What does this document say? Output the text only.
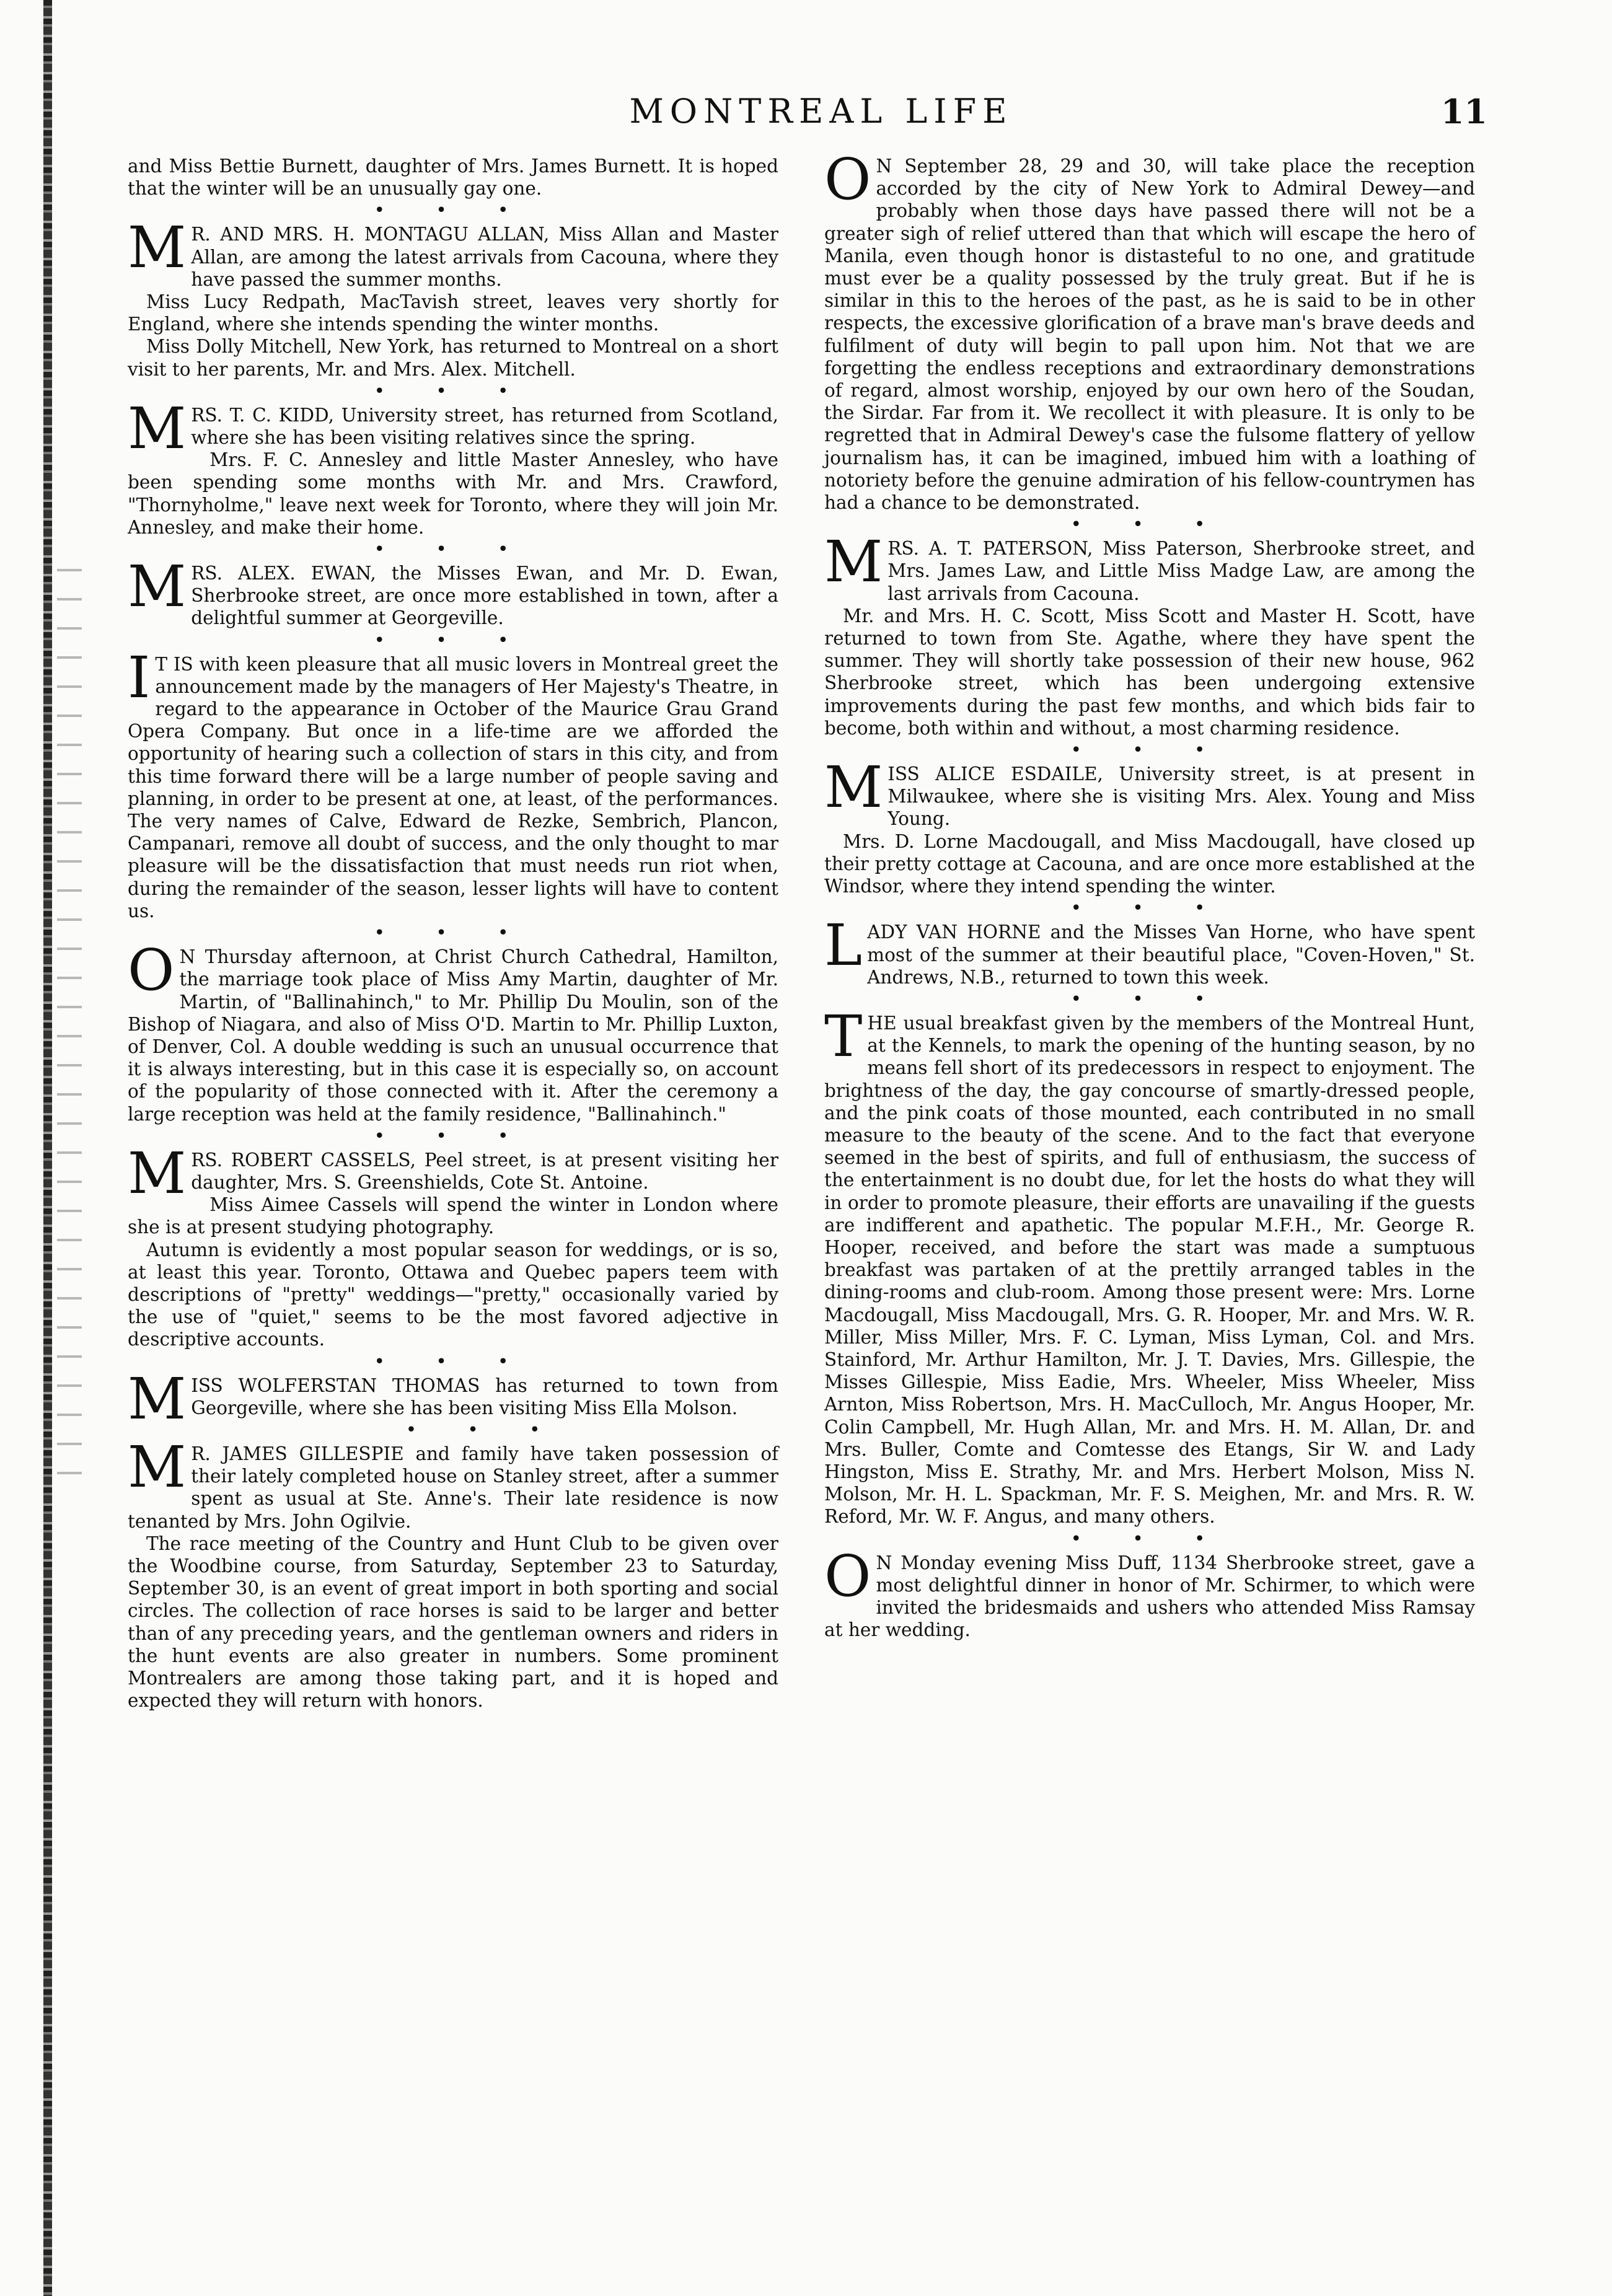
MONTREAL LIFE	11

and Miss Bettie Burnett, daughter of Mrs. James Burnett. It is hoped that the winter will be an unusually gay one.

• • •

MR. AND MRS. H. MONTAGU ALLAN, Miss Allan and Master Allan, are among the latest arrivals from Cacouna, where they have passed the summer months.

Miss Lucy Redpath, MacTavish street, leaves very shortly for England, where she intends spending the winter months.

Miss Dolly Mitchell, New York, has returned to Montreal on a short visit to her parents, Mr. and Mrs. Alex. Mitchell.

• • •

MRS. T. C. KIDD, University street, has returned from Scotland, where she has been visiting relatives since the spring.

Mrs. F. C. Annesley and little Master Annesley, who have been spending some months with Mr. and Mrs. Crawford, "Thornyholme," leave next week for Toronto, where they will join Mr. Annesley, and make their home.

• • •

MRS. ALEX. EWAN, the Misses Ewan, and Mr. D. Ewan, Sherbrooke street, are once more established in town, after a delightful summer at Georgeville.

• • •

IT IS with keen pleasure that all music lovers in Montreal greet the announcement made by the managers of Her Majesty's Theatre, in regard to the appearance in October of the Maurice Grau Grand Opera Company. But once in a life-time are we afforded the opportunity of hearing such a collection of stars in this city, and from this time forward there will be a large number of people saving and planning, in order to be present at one, at least, of the performances. The very names of Calve, Edward de Rezke, Sembrich, Plancon, Campanari, remove all doubt of success, and the only thought to mar pleasure will be the dissatisfaction that must needs run riot when, during the remainder of the season, lesser lights will have to content us.

• • •

ON Thursday afternoon, at Christ Church Cathedral, Hamilton, the marriage took place of Miss Amy Martin, daughter of Mr. Martin, of "Ballinahinch," to Mr. Phillip Du Moulin, son of the Bishop of Niagara, and also of Miss O'D. Martin to Mr. Phillip Luxton, of Denver, Col. A double wedding is such an unusual occurrence that it is always interesting, but in this case it is especially so, on account of the popularity of those connected with it. After the ceremony a large reception was held at the family residence, "Ballinahinch."

• • •

MRS. ROBERT CASSELS, Peel street, is at present visiting her daughter, Mrs. S. Greenshields, Cote St. Antoine.

Miss Aimee Cassels will spend the winter in London where she is at present studying photography.

Autumn is evidently a most popular season for weddings, or is so, at least this year. Toronto, Ottawa and Quebec papers teem with descriptions of "pretty" weddings—"pretty," occasionally varied by the use of "quiet," seems to be the most favored adjective in descriptive accounts.

• • •

MISS WOLFERSTAN THOMAS has returned to town from Georgeville, where she has been visiting Miss Ella Molson.

• • •

MR. JAMES GILLESPIE and family have taken possession of their lately completed house on Stanley street, after a summer spent as usual at Ste. Anne's. Their late residence is now tenanted by Mrs. John Ogilvie.

The race meeting of the Country and Hunt Club to be given over the Woodbine course, from Saturday, September 23 to Saturday, September 30, is an event of great import in both sporting and social circles. The collection of race horses is said to be larger and better than of any preceding years, and the gentleman owners and riders in the hunt events are also greater in numbers. Some prominent Montrealers are among those taking part, and it is hoped and expected they will return with honors.

ON September 28, 29 and 30, will take place the reception accorded by the city of New York to Admiral Dewey—and probably when those days have passed there will not be a greater sigh of relief uttered than that which will escape the hero of Manila, even though honor is distasteful to no one, and gratitude must ever be a quality possessed by the truly great. But if he is similar in this to the heroes of the past, as he is said to be in other respects, the excessive glorification of a brave man's brave deeds and fulfilment of duty will begin to pall upon him. Not that we are forgetting the endless receptions and extraordinary demonstrations of regard, almost worship, enjoyed by our own hero of the Soudan, the Sirdar. Far from it. We recollect it with pleasure. It is only to be regretted that in Admiral Dewey's case the fulsome flattery of yellow journalism has, it can be imagined, imbued him with a loathing of notoriety before the genuine admiration of his fellow-countrymen has had a chance to be demonstrated.

• • •

MRS. A. T. PATERSON, Miss Paterson, Sherbrooke street, and Mrs. James Law, and Little Miss Madge Law, are among the last arrivals from Cacouna.

Mr. and Mrs. H. C. Scott, Miss Scott and Master H. Scott, have returned to town from Ste. Agathe, where they have spent the summer. They will shortly take possession of their new house, 962 Sherbrooke street, which has been undergoing extensive improvements during the past few months, and which bids fair to become, both within and without, a most charming residence.

• • •

MISS ALICE ESDAILE, University street, is at present in Milwaukee, where she is visiting Mrs. Alex. Young and Miss Young.

Mrs. D. Lorne Macdougall, and Miss Macdougall, have closed up their pretty cottage at Cacouna, and are once more established at the Windsor, where they intend spending the winter.

• • •

LADY VAN HORNE and the Misses Van Horne, who have spent most of the summer at their beautiful place, "Coven-Hoven," St. Andrews, N.B., returned to town this week.

• • •

THE usual breakfast given by the members of the Montreal Hunt, at the Kennels, to mark the opening of the hunting season, by no means fell short of its predecessors in respect to enjoyment. The brightness of the day, the gay concourse of smartly-dressed people, and the pink coats of those mounted, each contributed in no small measure to the beauty of the scene. And to the fact that everyone seemed in the best of spirits, and full of enthusiasm, the success of the entertainment is no doubt due, for let the hosts do what they will in order to promote pleasure, their efforts are unavailing if the guests are indifferent and apathetic. The popular M.F.H., Mr. George R. Hooper, received, and before the start was made a sumptuous breakfast was partaken of at the prettily arranged tables in the dining-rooms and club-room. Among those present were: Mrs. Lorne Macdougall, Miss Macdougall, Mrs. G. R. Hooper, Mr. and Mrs. W. R. Miller, Miss Miller, Mrs. F. C. Lyman, Miss Lyman, Col. and Mrs. Stainford, Mr. Arthur Hamilton, Mr. J. T. Davies, Mrs. Gillespie, the Misses Gillespie, Miss Eadie, Mrs. Wheeler, Miss Wheeler, Miss Arnton, Miss Robertson, Mrs. H. MacCulloch, Mr. Angus Hooper, Mr. Colin Campbell, Mr. Hugh Allan, Mr. and Mrs. H. M. Allan, Dr. and Mrs. Buller, Comte and Comtesse des Etangs, Sir W. and Lady Hingston, Miss E. Strathy, Mr. and Mrs. Herbert Molson, Miss N. Molson, Mr. H. L. Spackman, Mr. F. S. Meighen, Mr. and Mrs. R. W. Reford, Mr. W. F. Angus, and many others.

• • •

ON Monday evening Miss Duff, 1134 Sherbrooke street, gave a most delightful dinner in honor of Mr. Schirmer, to which were invited the bridesmaids and ushers who attended Miss Ramsay at her wedding.
